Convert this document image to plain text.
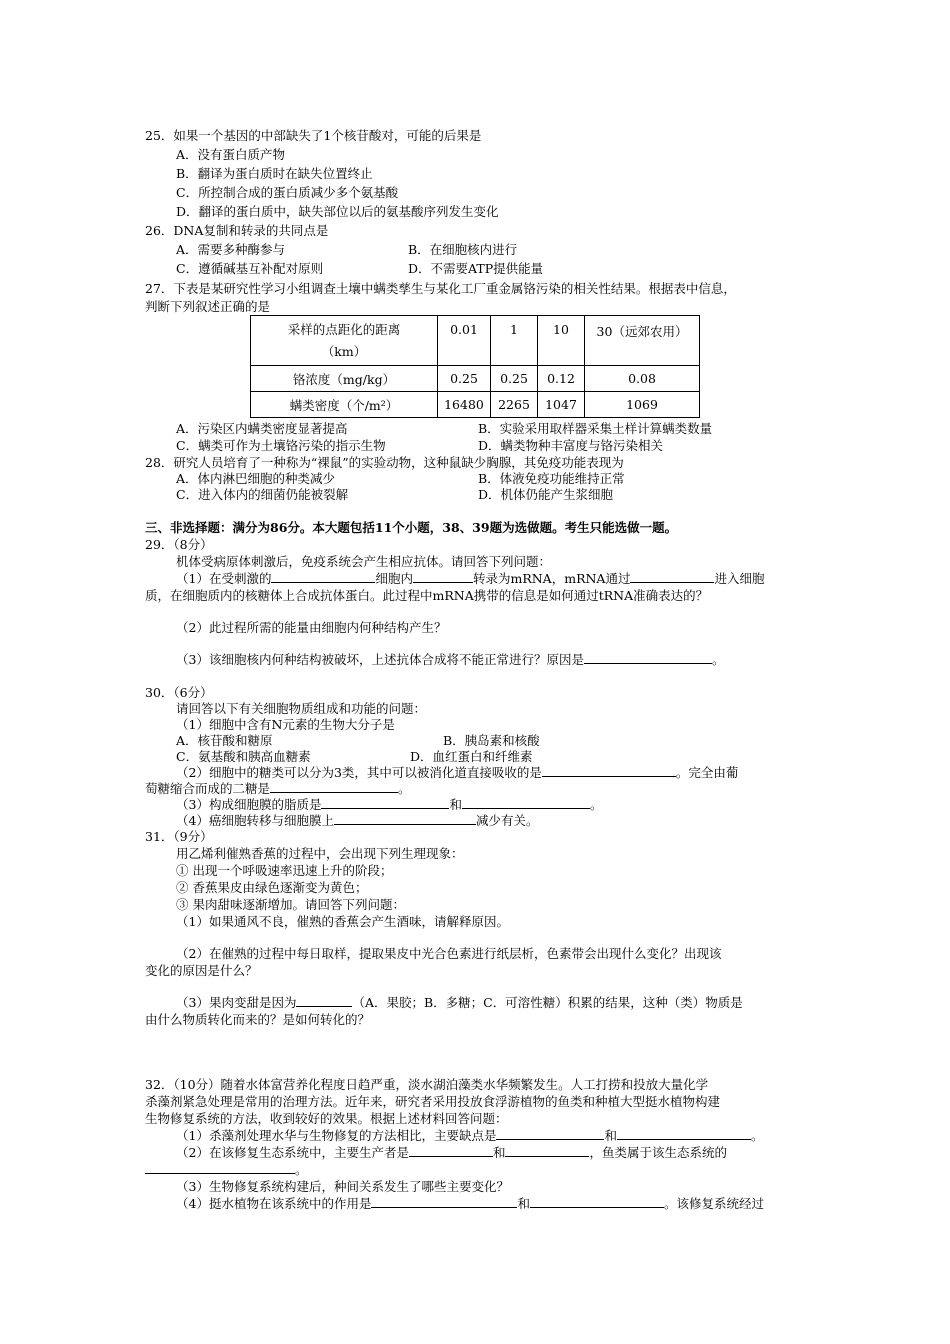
25．如果一个基因的中部缺失了1个核苷酸对，可能的后果是
A．没有蛋白质产物
B．翻译为蛋白质时在缺失位置终止
C．所控制合成的蛋白质减少多个氨基酸
D．翻译的蛋白质中，缺失部位以后的氨基酸序列发生变化
26．DNA复制和转录的共同点是
A．需要多种酶参与	B．在细胞核内进行
C．遵循碱基互补配对原则	D．不需要ATP提供能量
27．下表是某研究性学习小组调查土壤中螨类孳生与某化工厂重金属铬污染的相关性结果。根据表中信息，
判断下列叙述正确的是
采样的点距化的距离
（km）	0.01	1	10	30（远郊农用）
铬浓度（mg/kg）	0.25	0.25	0.12	0.08
螨类密度（个/m²）	16480	2265	1047	1069
A．污染区内螨类密度显著提高	B．实验采用取样器采集土样计算螨类数量
C．螨类可作为土壤铬污染的指示生物	D．螨类物种丰富度与铬污染相关
28．研究人员培育了一种称为“裸鼠”的实验动物，这种鼠缺少胸腺，其免疫功能表现为
A．体内淋巴细胞的种类减少	B．体液免疫功能维持正常
C．进入体内的细菌仍能被裂解	D．机体仍能产生浆细胞
三、非选择题：满分为86分。本大题包括11个小题，38、39题为选做题。考生只能选做一题。
29．（8分）
机体受病原体刺激后，免疫系统会产生相应抗体。请回答下列问题：
（1）在受刺激的	细胞内	转录为mRNA，mRNA通过	进入细胞
质，在细胞质内的核糖体上合成抗体蛋白。此过程中mRNA携带的信息是如何通过tRNA准确表达的？
（2）此过程所需的能量由细胞内何种结构产生？
（3）该细胞核内何种结构被破坏，上述抗体合成将不能正常进行？原因是	。
30．（6分）
请回答以下有关细胞物质组成和功能的问题：
（1）细胞中含有N元素的生物大分子是
A．核苷酸和糖原	B．胰岛素和核酸
C．氨基酸和胰高血糖素	D．血红蛋白和纤维素
（2）细胞中的糖类可以分为3类，其中可以被消化道直接吸收的是	。完全由葡
萄糖缩合而成的二糖是	。
（3）构成细胞膜的脂质是	和	。
（4）癌细胞转移与细胞膜上	减少有关。
31．（9分）
用乙烯利催熟香蕉的过程中，会出现下列生理现象：
① 出现一个呼吸速率迅速上升的阶段；
② 香蕉果皮由绿色逐渐变为黄色；
③ 果肉甜味逐渐增加。请回答下列问题：
（1）如果通风不良，催熟的香蕉会产生酒味，请解释原因。
（2）在催熟的过程中每日取样，提取果皮中光合色素进行纸层析，色素带会出现什么变化？出现该
变化的原因是什么？
（3）果肉变甜是因为	（A．果胶；B．多糖；C．可溶性糖）积累的结果，这种（类）物质是
由什么物质转化而来的？是如何转化的？
32．（10分）随着水体富营养化程度日趋严重，淡水湖泊藻类水华频繁发生。人工打捞和投放大量化学
杀藻剂紧急处理是常用的治理方法。近年来，研究者采用投放食浮游植物的鱼类和种植大型挺水植物构建
生物修复系统的方法，收到较好的效果。根据上述材料回答问题：
（1）杀藻剂处理水华与生物修复的方法相比，主要缺点是	和	。
（2）在该修复生态系统中，主要生产者是	和	，鱼类属于该生态系统的
。
（3）生物修复系统构建后，种间关系发生了哪些主要变化？
（4）挺水植物在该系统中的作用是	和	。该修复系统经过
